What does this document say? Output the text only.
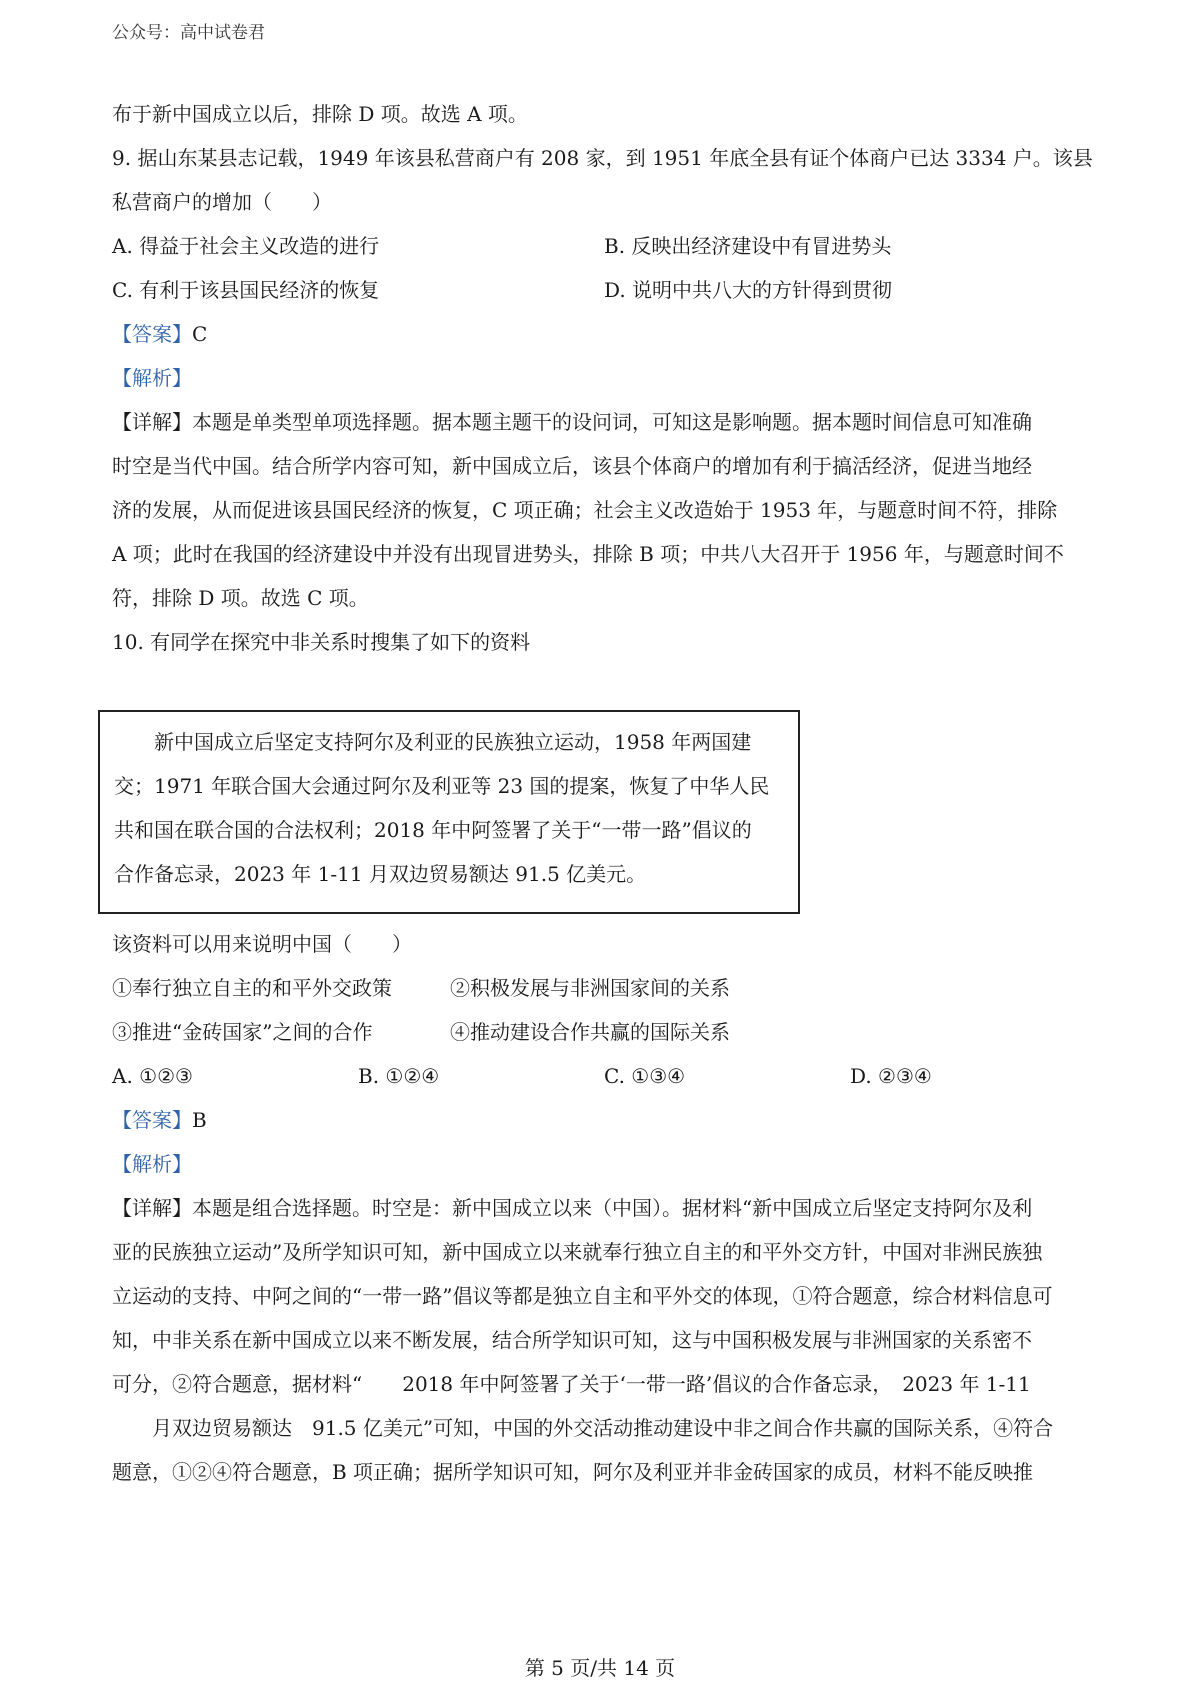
公众号：高中试卷君
布于新中国成立以后，排除 D 项。故选 A 项。
9. 据山东某县志记载，1949 年该县私营商户有 208 家，到 1951 年底全县有证个体商户已达 3334 户。该县
私营商户的增加（　　）
A. 得益于社会主义改造的进行	B. 反映出经济建设中有冒进势头
C. 有利于该县国民经济的恢复	D. 说明中共八大的方针得到贯彻
【答案】C
【解析】
【详解】本题是单类型单项选择题。据本题主题干的设问词，可知这是影响题。据本题时间信息可知准确
时空是当代中国。结合所学内容可知，新中国成立后，该县个体商户的增加有利于搞活经济，促进当地经
济的发展，从而促进该县国民经济的恢复，C 项正确；社会主义改造始于 1953 年，与题意时间不符，排除
A 项；此时在我国的经济建设中并没有出现冒进势头，排除 B 项；中共八大召开于 1956 年，与题意时间不
符，排除 D 项。故选 C 项。
10. 有同学在探究中非关系时搜集了如下的资料
　　新中国成立后坚定支持阿尔及利亚的民族独立运动，1958 年两国建
交；1971 年联合国大会通过阿尔及利亚等 23 国的提案，恢复了中华人民
共和国在联合国的合法权利；2018 年中阿签署了关于“一带一路”倡议的
合作备忘录，2023 年 1-11 月双边贸易额达 91.5 亿美元。
该资料可以用来说明中国（　　）
①奉行独立自主的和平外交政策	②积极发展与非洲国家间的关系
③推进“金砖国家”之间的合作	④推动建设合作共赢的国际关系
A. ①②③	B. ①②④	C. ①③④	D. ②③④
【答案】B
【解析】
【详解】本题是组合选择题。时空是：新中国成立以来（中国）。据材料“新中国成立后坚定支持阿尔及利
亚的民族独立运动”及所学知识可知，新中国成立以来就奉行独立自主的和平外交方针，中国对非洲民族独
立运动的支持、中阿之间的“一带一路”倡议等都是独立自主和平外交的体现，①符合题意，综合材料信息可
知，中非关系在新中国成立以来不断发展，结合所学知识可知，这与中国积极发展与非洲国家的关系密不
可分，②符合题意，据材料“　　2018 年中阿签署了关于‘一带一路’倡议的合作备忘录，　2023 年 1-11
　　月双边贸易额达　91.5 亿美元”可知，中国的外交活动推动建设中非之间合作共赢的国际关系，④符合
题意，①②④符合题意，B 项正确；据所学知识可知，阿尔及利亚并非金砖国家的成员，材料不能反映推
第 5 页/共 14 页
